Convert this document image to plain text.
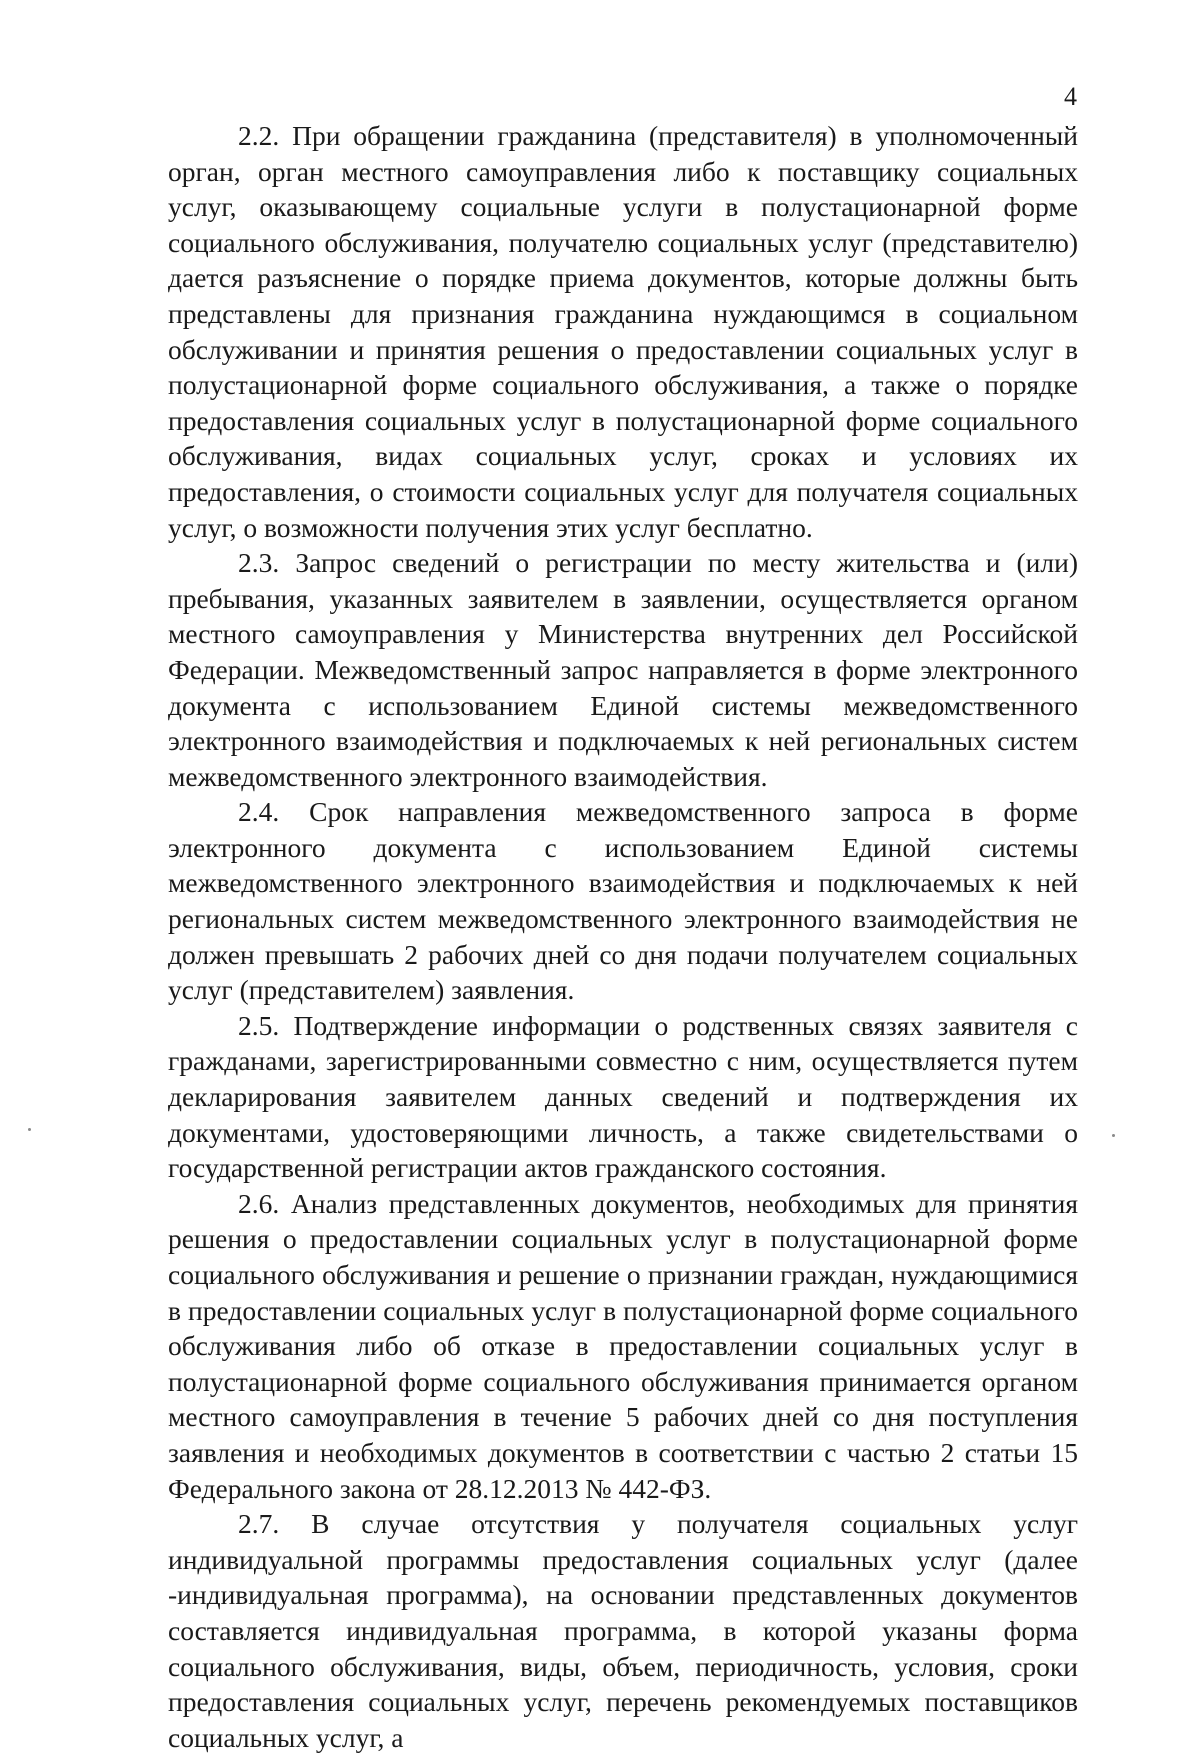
4

2.2. При обращении гражданина (представителя) в уполномоченный орган, орган местного самоуправления либо к поставщику социальных услуг, оказывающему социальные услуги в полустационарной форме социального обслуживания, получателю социальных услуг (представителю) дается разъяснение о порядке приема документов, которые должны быть представлены для признания гражданина нуждающимся в социальном обслуживании и принятия решения о предоставлении социальных услуг в полустационарной форме социального обслуживания, а также о порядке предоставления социальных услуг в полустационарной форме социального обслуживания, видах социальных услуг, сроках и условиях их предоставления, о стоимости социальных услуг для получателя социальных услуг, о возможности получения этих услуг бесплатно.

2.3. Запрос сведений о регистрации по месту жительства и (или) пребывания, указанных заявителем в заявлении, осуществляется органом местного самоуправления у Министерства внутренних дел Российской Федерации. Межведомственный запрос направляется в форме электронного документа с использованием Единой системы межведомственного электронного взаимодействия и подключаемых к ней региональных систем межведомственного электронного взаимодействия.

2.4. Срок направления межведомственного запроса в форме электронного документа с использованием Единой системы межведомственного электронного взаимодействия и подключаемых к ней региональных систем межведомственного электронного взаимодействия не должен превышать 2 рабочих дней со дня подачи получателем социальных услуг (представителем) заявления.

2.5. Подтверждение информации о родственных связях заявителя с гражданами, зарегистрированными совместно с ним, осуществляется путем декларирования заявителем данных сведений и подтверждения их документами, удостоверяющими личность, а также свидетельствами о государственной регистрации актов гражданского состояния.

2.6. Анализ представленных документов, необходимых для принятия решения о предоставлении социальных услуг в полустационарной форме социального обслуживания и решение о признании граждан, нуждающимися в предоставлении социальных услуг в полустационарной форме социального обслуживания либо об отказе в предоставлении социальных услуг в полустационарной форме социального обслуживания принимается органом местного самоуправления в течение 5 рабочих дней со дня поступления заявления и необходимых документов в соответствии с частью 2 статьи 15 Федерального закона от 28.12.2013 № 442-ФЗ.

2.7. В случае отсутствия у получателя социальных услуг индивидуальной программы предоставления социальных услуг (далее -индивидуальная программа), на основании представленных документов составляется индивидуальная программа, в которой указаны форма социального обслуживания, виды, объем, периодичность, условия, сроки предоставления социальных услуг, перечень рекомендуемых поставщиков социальных услуг, а
